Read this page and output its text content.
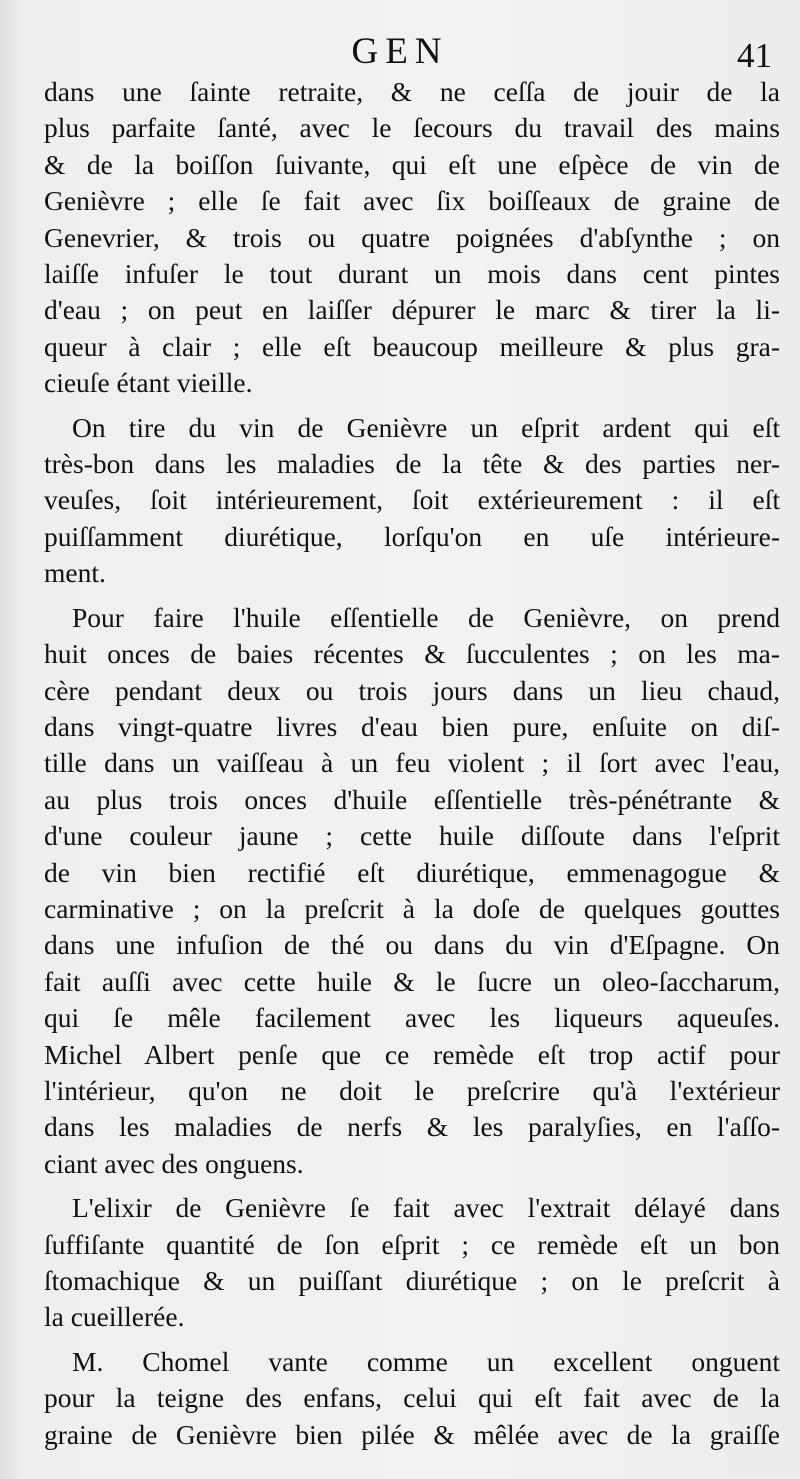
GEN	41
dans une ſainte retraite, & ne ceſſa de jouir de la
plus parfaite ſanté, avec le ſecours du travail des mains
& de la boiſſon ſuivante, qui eſt une eſpèce de vin de
Genièvre ; elle ſe fait avec ſix boiſſeaux de graine de
Genevrier, & trois ou quatre poignées d'abſynthe ; on
laiſſe infuſer le tout durant un mois dans cent pintes
d'eau ; on peut en laiſſer dépurer le marc & tirer la li-
queur à clair ; elle eſt beaucoup meilleure & plus gra-
cieuſe étant vieille.
On tire du vin de Genièvre un eſprit ardent qui eſt
très-bon dans les maladies de la tête & des parties ner-
veuſes, ſoit intérieurement, ſoit extérieurement : il eſt
puiſſamment diurétique, lorſqu'on en uſe intérieure-
ment.
Pour faire l'huile eſſentielle de Genièvre, on prend
huit onces de baies récentes & ſucculentes ; on les ma-
cère pendant deux ou trois jours dans un lieu chaud,
dans vingt-quatre livres d'eau bien pure, enſuite on diſ-
tille dans un vaiſſeau à un feu violent ; il ſort avec l'eau,
au plus trois onces d'huile eſſentielle très-pénétrante &
d'une couleur jaune ; cette huile diſſoute dans l'eſprit
de vin bien rectifié eſt diurétique, emmenagogue &
carminative ; on la preſcrit à la doſe de quelques gouttes
dans une infuſion de thé ou dans du vin d'Eſpagne. On
fait auſſi avec cette huile & le ſucre un oleo-ſaccharum,
qui ſe mêle facilement avec les liqueurs aqueuſes.
Michel Albert penſe que ce remède eſt trop actif pour
l'intérieur, qu'on ne doit le preſcrire qu'à l'extérieur
dans les maladies de nerfs & les paralyſies, en l'aſſo-
ciant avec des onguens.
L'elixir de Genièvre ſe fait avec l'extrait délayé dans
ſuffiſante quantité de ſon eſprit ; ce remède eſt un bon
ſtomachique & un puiſſant diurétique ; on le preſcrit à
la cueillerée.
M. Chomel vante comme un excellent onguent
pour la teigne des enfans, celui qui eſt fait avec de la
graine de Genièvre bien pilée & mêlée avec de la graiſſe
